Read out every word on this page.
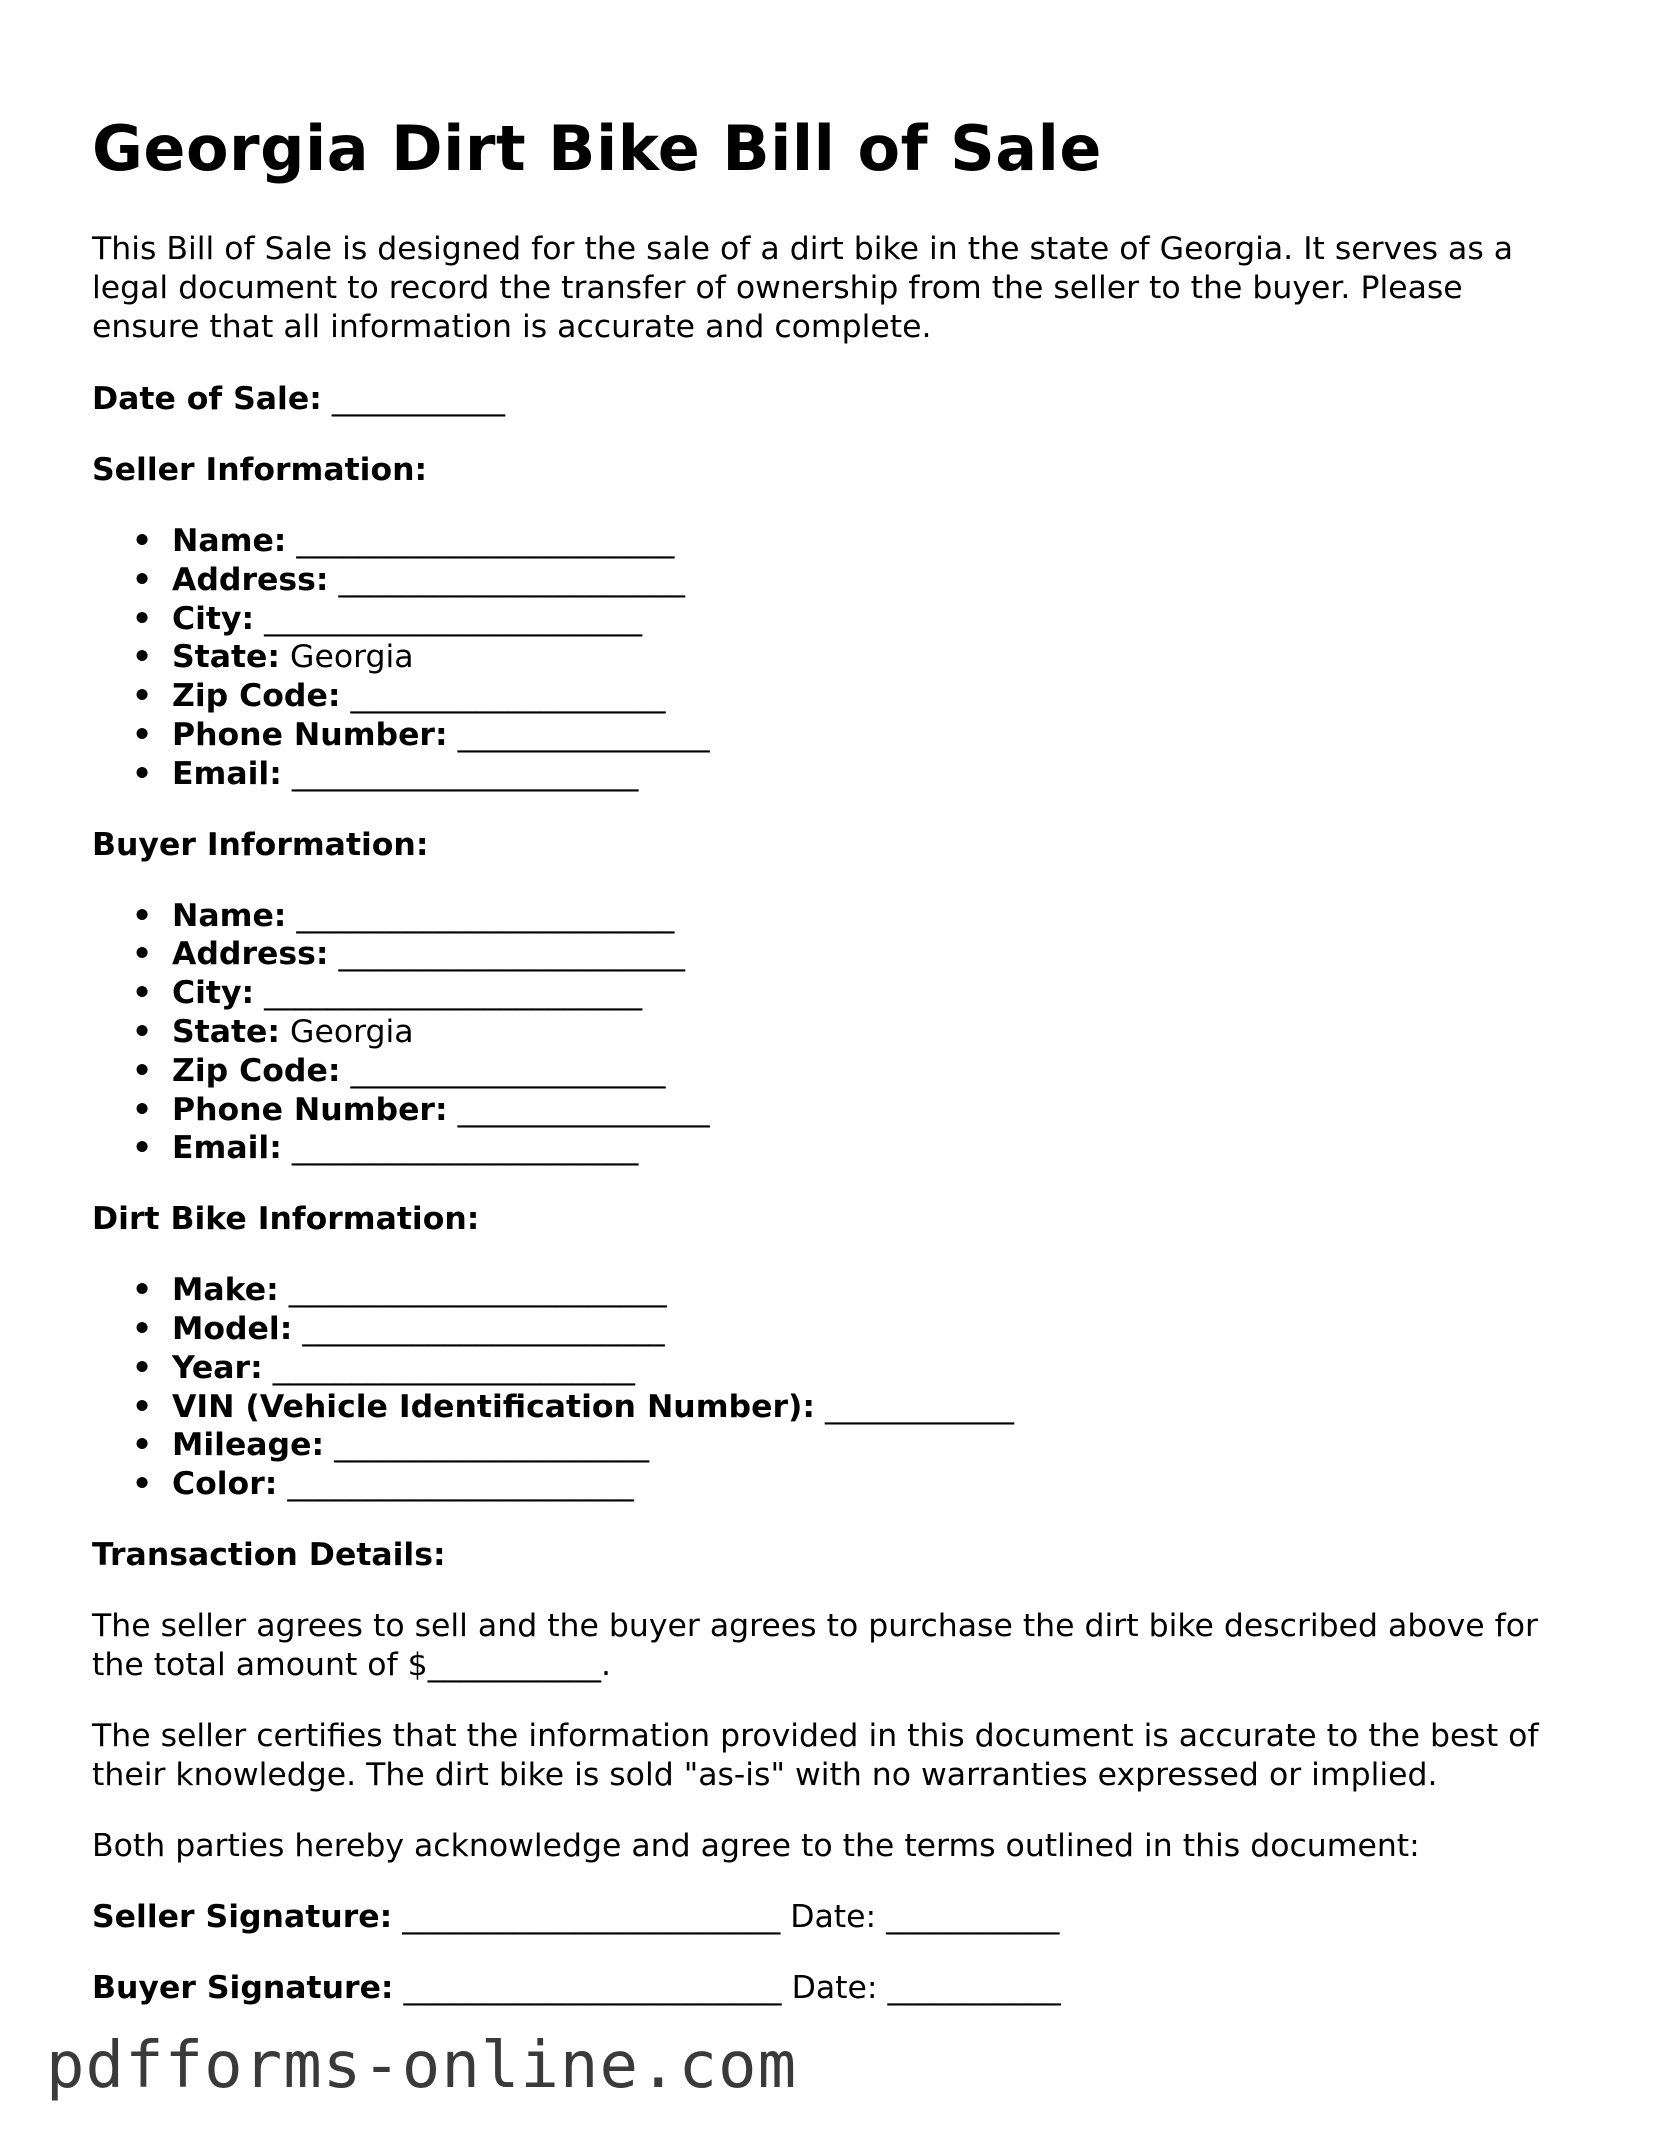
Georgia Dirt Bike Bill of Sale

This Bill of Sale is designed for the sale of a dirt bike in the state of Georgia. It serves as a legal document to record the transfer of ownership from the seller to the buyer. Please ensure that all information is accurate and complete.

Date of Sale: ___________

Seller Information:
• Name: ________________________
• Address: ______________________
• City: ________________________
• State: Georgia
• Zip Code: ____________________
• Phone Number: ________________
• Email: ______________________
Buyer Information:
• Name: ________________________
• Address: ______________________
• City: ________________________
• State: Georgia
• Zip Code: ____________________
• Phone Number: ________________
• Email: ______________________
Dirt Bike Information:
• Make: ________________________
• Model: _______________________
• Year: _______________________
• VIN (Vehicle Identification Number): ____________
• Mileage: ____________________
• Color: ______________________
Transaction Details:

The seller agrees to sell and the buyer agrees to purchase the dirt bike described above for the total amount of $___________.

The seller certifies that the information provided in this document is accurate to the best of their knowledge. The dirt bike is sold "as-is" with no warranties expressed or implied.

Both parties hereby acknowledge and agree to the terms outlined in this document:

Seller Signature: ________________________ Date: ___________

Buyer Signature: ________________________ Date: ___________

pdfforms-online.com
